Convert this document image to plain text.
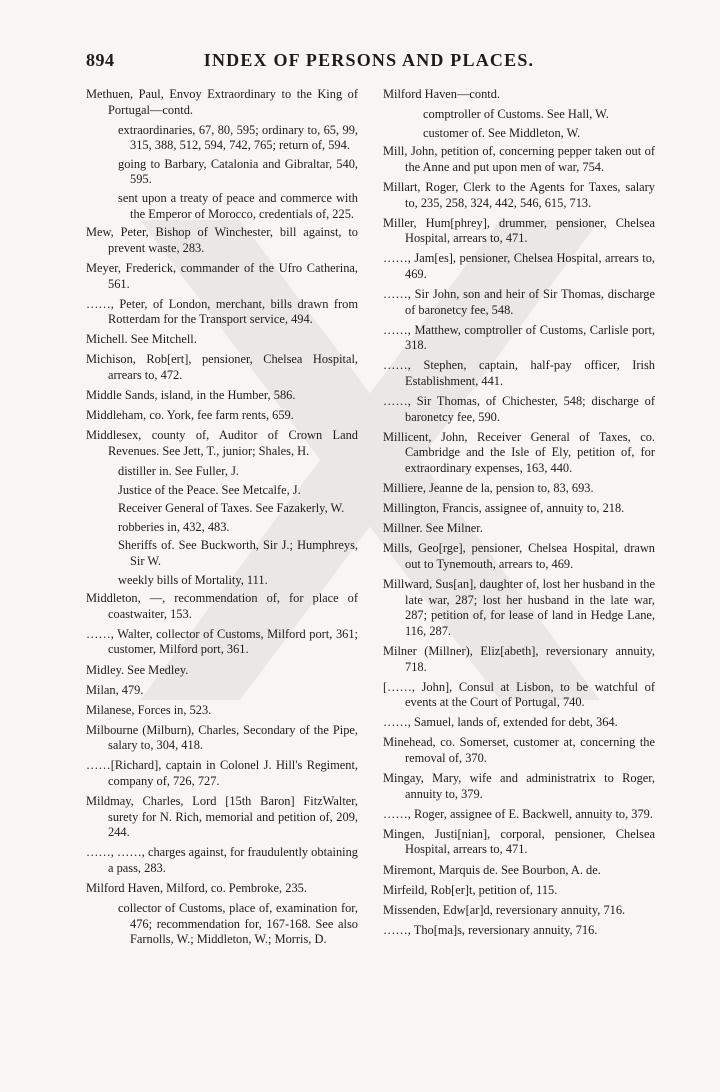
894	INDEX OF PERSONS AND PLACES.

Methuen, Paul, Envoy Extraordinary to the King of Portugal—contd.

extraordinaries, 67, 80, 595; ordinary to, 65, 99, 315, 388, 512, 594, 742, 765; return of, 594.

going to Barbary, Catalonia and Gibraltar, 540, 595.

sent upon a treaty of peace and commerce with the Emperor of Morocco, credentials of, 225.

Mew, Peter, Bishop of Winchester, bill against, to prevent waste, 283.

Meyer, Frederick, commander of the Ufro Catherina, 561.

……, Peter, of London, merchant, bills drawn from Rotterdam for the Transport service, 494.

Michell. See Mitchell.

Michison, Rob[ert], pensioner, Chelsea Hospital, arrears to, 472.

Middle Sands, island, in the Humber, 586.

Middleham, co. York, fee farm rents, 659.

Middlesex, county of, Auditor of Crown Land Revenues. See Jett, T., junior; Shales, H.

distiller in. See Fuller, J.

Justice of the Peace. See Metcalfe, J.

Receiver General of Taxes. See Fazakerly, W.

robberies in, 432, 483.

Sheriffs of. See Buckworth, Sir J.; Humphreys, Sir W.

weekly bills of Mortality, 111.

Middleton, —, recommendation of, for place of coastwaiter, 153.

……, Walter, collector of Customs, Milford port, 361; customer, Milford port, 361.

Midley. See Medley.

Milan, 479.

Milanese, Forces in, 523.

Milbourne (Milburn), Charles, Secondary of the Pipe, salary to, 304, 418.

……[Richard], captain in Colonel J. Hill's Regiment, company of, 726, 727.

Mildmay, Charles, Lord [15th Baron] FitzWalter, surety for N. Rich, memorial and petition of, 209, 244.

……, ……, charges against, for fraudulently obtaining a pass, 283.

Milford Haven, Milford, co. Pembroke, 235.

collector of Customs, place of, examination for, 476; recommendation for, 167-168. See also Farnolls, W.; Middleton, W.; Morris, D.

Milford Haven—contd.

comptroller of Customs. See Hall, W.

customer of. See Middleton, W.

Mill, John, petition of, concerning pepper taken out of the Anne and put upon men of war, 754.

Millart, Roger, Clerk to the Agents for Taxes, salary to, 235, 258, 324, 442, 546, 615, 713.

Miller, Hum[phrey], drummer, pensioner, Chelsea Hospital, arrears to, 471.

……, Jam[es], pensioner, Chelsea Hospital, arrears to, 469.

……, Sir John, son and heir of Sir Thomas, discharge of baronetcy fee, 548.

……, Matthew, comptroller of Customs, Carlisle port, 318.

……, Stephen, captain, half-pay officer, Irish Establishment, 441.

……, Sir Thomas, of Chichester, 548; discharge of baronetcy fee, 590.

Millicent, John, Receiver General of Taxes, co. Cambridge and the Isle of Ely, petition of, for extraordinary expenses, 163, 440.

Milliere, Jeanne de la, pension to, 83, 693.

Millington, Francis, assignee of, annuity to, 218.

Millner. See Milner.

Mills, Geo[rge], pensioner, Chelsea Hospital, drawn out to Tynemouth, arrears to, 469.

Millward, Sus[an], daughter of, lost her husband in the late war, 287; lost her husband in the late war, 287; petition of, for lease of land in Hedge Lane, 116, 287.

Milner (Millner), Eliz[abeth], reversionary annuity, 718.

[……, John], Consul at Lisbon, to be watchful of events at the Court of Portugal, 740.

……, Samuel, lands of, extended for debt, 364.

Minehead, co. Somerset, customer at, concerning the removal of, 370.

Mingay, Mary, wife and administratrix to Roger, annuity to, 379.

……, Roger, assignee of E. Backwell, annuity to, 379.

Mingen, Justi[nian], corporal, pensioner, Chelsea Hospital, arrears to, 471.

Miremont, Marquis de. See Bourbon, A. de.

Mirfeild, Rob[er]t, petition of, 115.

Missenden, Edw[ar]d, reversionary annuity, 716.

……, Tho[ma]s, reversionary annuity, 716.
